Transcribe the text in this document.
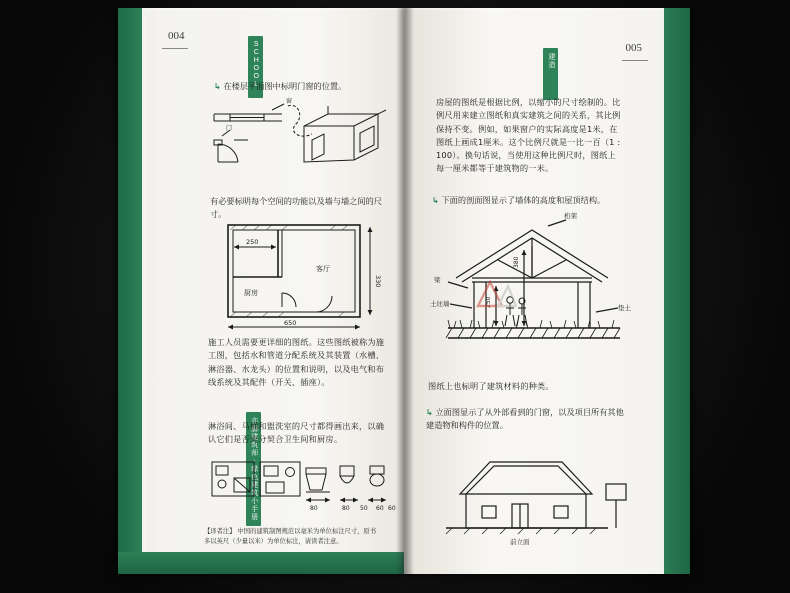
004
SCHOOL
亦脚建筑师·绿色建筑小手册
↳ 在楼层平面图中标明门窗的位置。
窗
门
有必要标明每个空间的功能以及墙与墙之间的尺寸。
250
650
330
客厅
厨房
施工人员需要更详细的图纸。这些图纸被称为施工图，包括水和管道分配系统及其装置（水槽、淋浴器、水龙头）的位置和说明，以及电气和布线系统及其配件（开关、插座）。
淋浴间、马桶和盥洗室的尺寸都得画出来，以确认它们是否充分契合卫生间和厨房。
80	80 50 60 60
【译者注】 中国的建筑制图规范以毫米为单位标注尺寸，原书多以英尺（少量以米）为单位标注，请读者注意。
005
建造
房屋的图纸是根据比例，以缩小的尺寸绘制的。比例尺用来建立图纸和真实建筑之间的关系，其比例保持不变。例如，如果窗户的实际高度是1米，在图纸上画成1厘米。这个比例尺就是一比一百（1 : 100）。换句话说，当使用这种比例尺时，图纸上每一厘米都等于建筑物的一米。
↳ 下面的剖面图显示了墙体的高度和屋顶结构。
桁架
梁
土坯墙	垫土
380
250
图纸上也标明了建筑材料的种类。
↳ 立面图显示了从外部看到的门窗，以及项目所有其他建造物和构件的位置。
前立面
